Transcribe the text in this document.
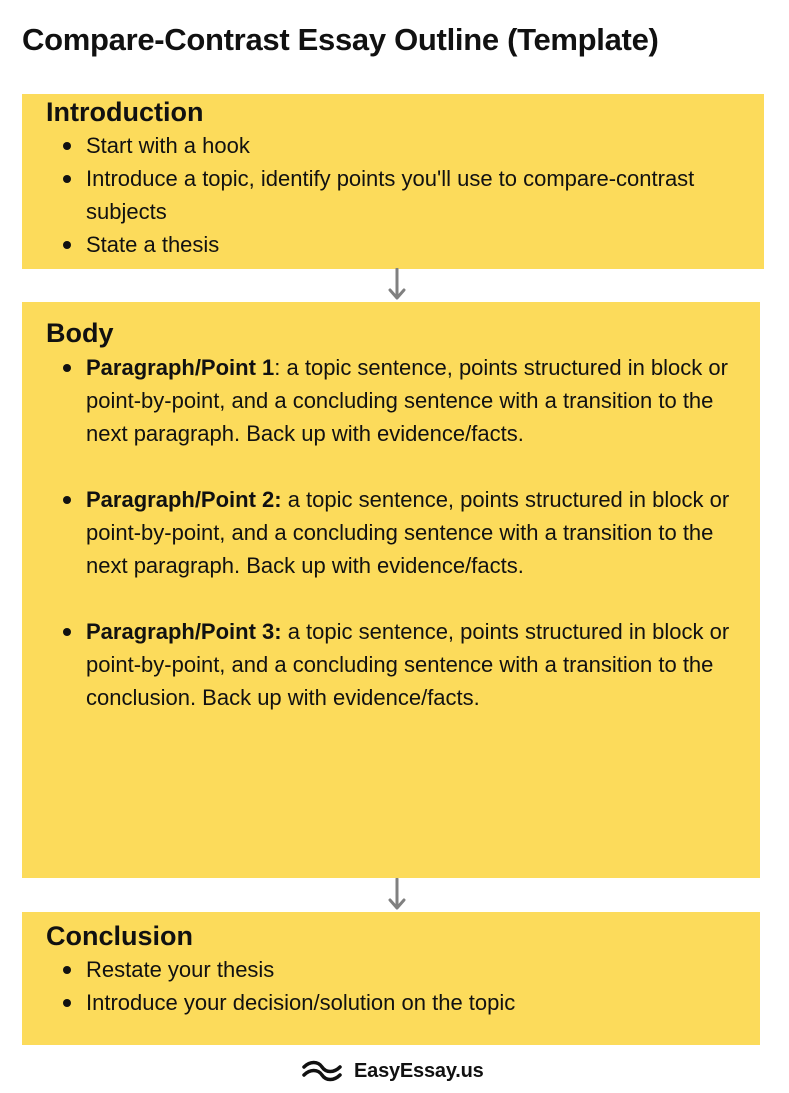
Compare-Contrast Essay Outline (Template)
Introduction
Start with a hook
Introduce a topic, identify points you'll use to compare-contrast subjects
State a thesis
Body
Paragraph/Point 1: a topic sentence, points structured in block or point-by-point, and a concluding sentence with a transition to the next paragraph. Back up with evidence/facts.
Paragraph/Point 2: a topic sentence, points structured in block or point-by-point, and a concluding sentence with a transition to the next paragraph. Back up with evidence/facts.
Paragraph/Point 3: a topic sentence, points structured in block or point-by-point, and a concluding sentence with a transition to the conclusion. Back up with evidence/facts.
Conclusion
Restate your thesis
Introduce your decision/solution on the topic
EasyEssay.us
